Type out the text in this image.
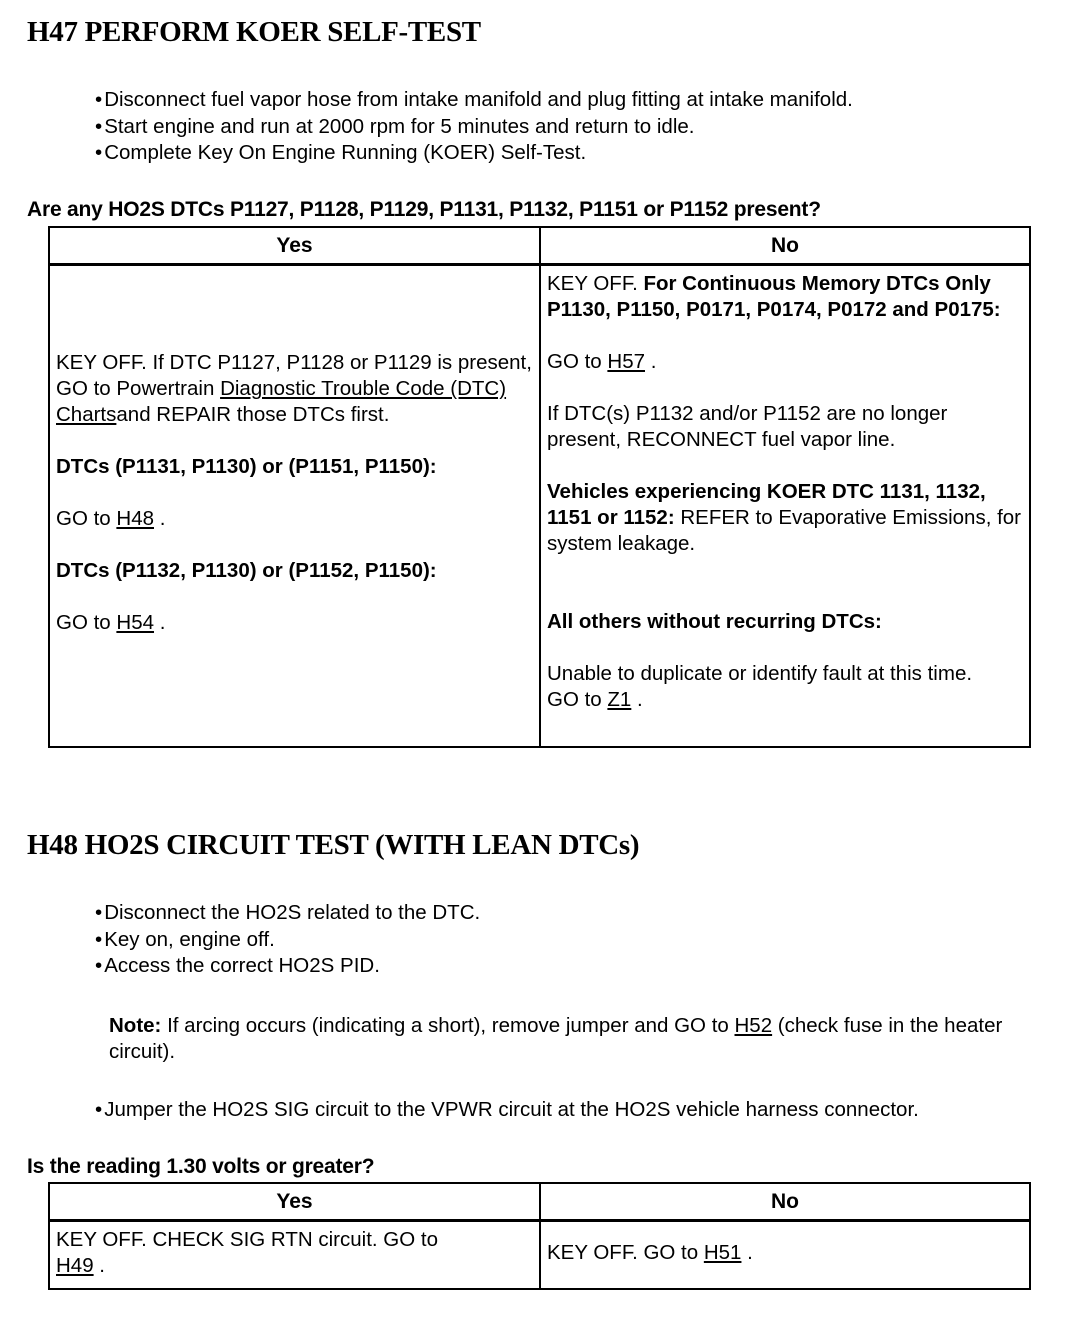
H47 PERFORM KOER SELF-TEST
• Disconnect fuel vapor hose from intake manifold and plug fitting at intake manifold.
• Start engine and run at 2000 rpm for 5 minutes and return to idle.
• Complete Key On Engine Running (KOER) Self-Test.

Are any HO2S DTCs P1127, P1128, P1129, P1131, P1132, P1151 or P1152 present?

Yes	No

KEY OFF. If DTC P1127, P1128 or P1129 is present, GO to Powertrain Diagnostic Trouble Code (DTC) Chartsand REPAIR those DTCs first.

DTCs (P1131, P1130) or (P1151, P1150):

GO to H48 .

DTCs (P1132, P1130) or (P1152, P1150):

GO to H54 .

KEY OFF. For Continuous Memory DTCs Only P1130, P1150, P0171, P0174, P0172 and P0175:

GO to H57 .

If DTC(s) P1132 and/or P1152 are no longer present, RECONNECT fuel vapor line.

Vehicles experiencing KOER DTC 1131, 1132, 1151 or 1152: REFER to Evaporative Emissions, for system leakage.

All others without recurring DTCs:

Unable to duplicate or identify fault at this time.

GO to Z1 .

H48 HO2S CIRCUIT TEST (WITH LEAN DTCs)
• Disconnect the HO2S related to the DTC.
• Key on, engine off.
• Access the correct HO2S PID.

Note: If arcing occurs (indicating a short), remove jumper and GO to H52 (check fuse in the heater circuit).

• Jumper the HO2S SIG circuit to the VPWR circuit at the HO2S vehicle harness connector.

Is the reading 1.30 volts or greater?

Yes	No

KEY OFF. CHECK SIG RTN circuit. GO to H49 .

KEY OFF. GO to H51 .
